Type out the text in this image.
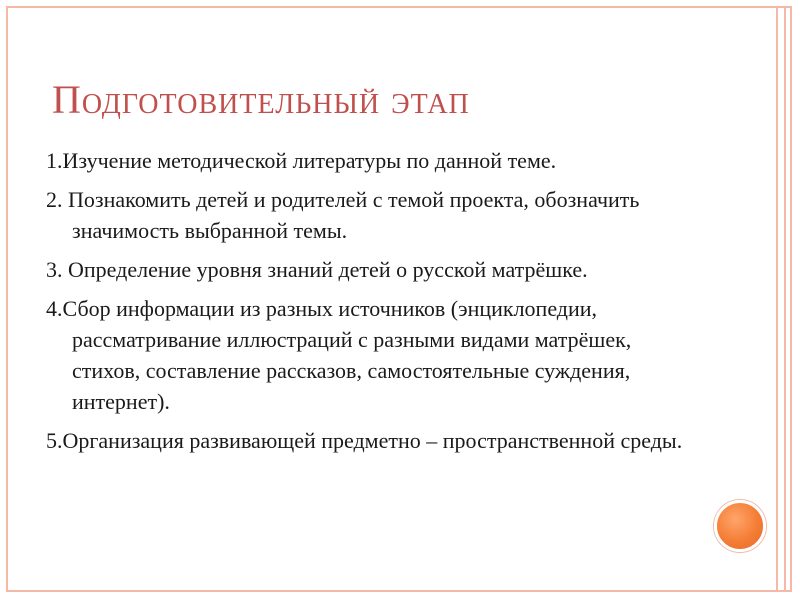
Подготовительный этап
1.Изучение методической литературы по данной теме.
2. Познакомить детей и родителей с темой проекта, обозначить значимость выбранной темы.
3. Определение уровня знаний детей о русской матрёшке.
4.Сбор информации из разных источников (энциклопедии, рассматривание иллюстраций с разными видами матрёшек, стихов, составление рассказов, самостоятельные суждения, интернет).
5.Организация развивающей предметно – пространственной среды.
